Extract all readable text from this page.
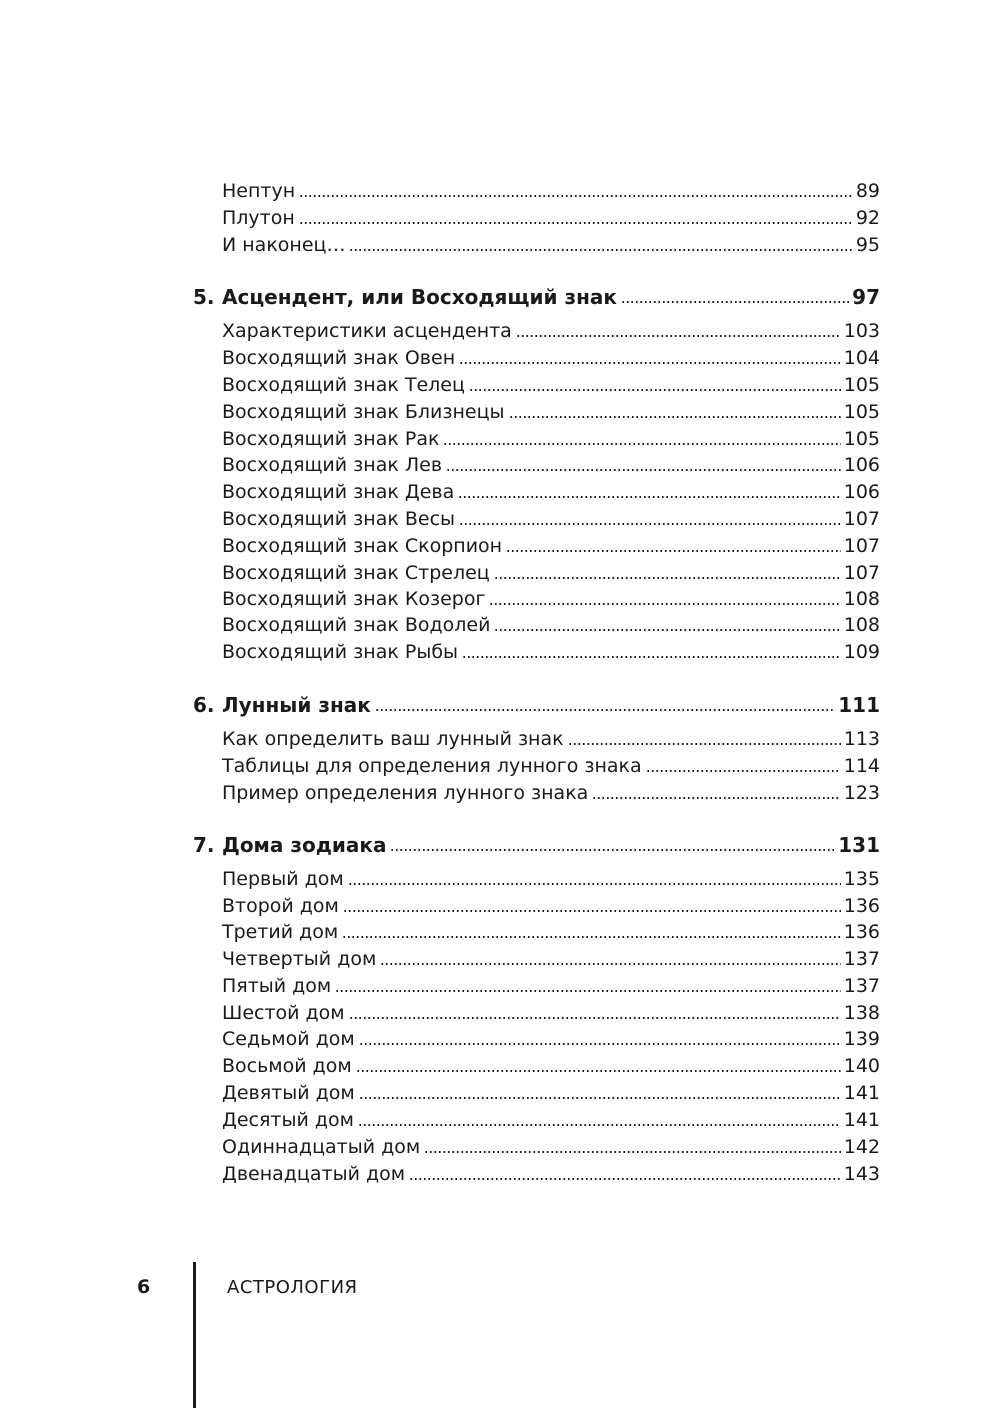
Нептун	89
Плутон	92
И наконец…	95
5. Асцендент, или Восходящий знак	97
Характеристики асцендента	103
Восходящий знак Овен	104
Восходящий знак Телец	105
Восходящий знак Близнецы	105
Восходящий знак Рак	105
Восходящий знак Лев	106
Восходящий знак Дева	106
Восходящий знак Весы	107
Восходящий знак Скорпион	107
Восходящий знак Стрелец	107
Восходящий знак Козерог	108
Восходящий знак Водолей	108
Восходящий знак Рыбы	109
6. Лунный знак	111
Как определить ваш лунный знак	113
Таблицы для определения лунного знака	114
Пример определения лунного знака	123
7. Дома зодиака	131
Первый дом	135
Второй дом	136
Третий дом	136
Четвертый дом	137
Пятый дом	137
Шестой дом	138
Седьмой дом	139
Восьмой дом	140
Девятый дом	141
Десятый дом	141
Одиннадцатый дом	142
Двенадцатый дом	143
6	АСТРОЛОГИЯ
